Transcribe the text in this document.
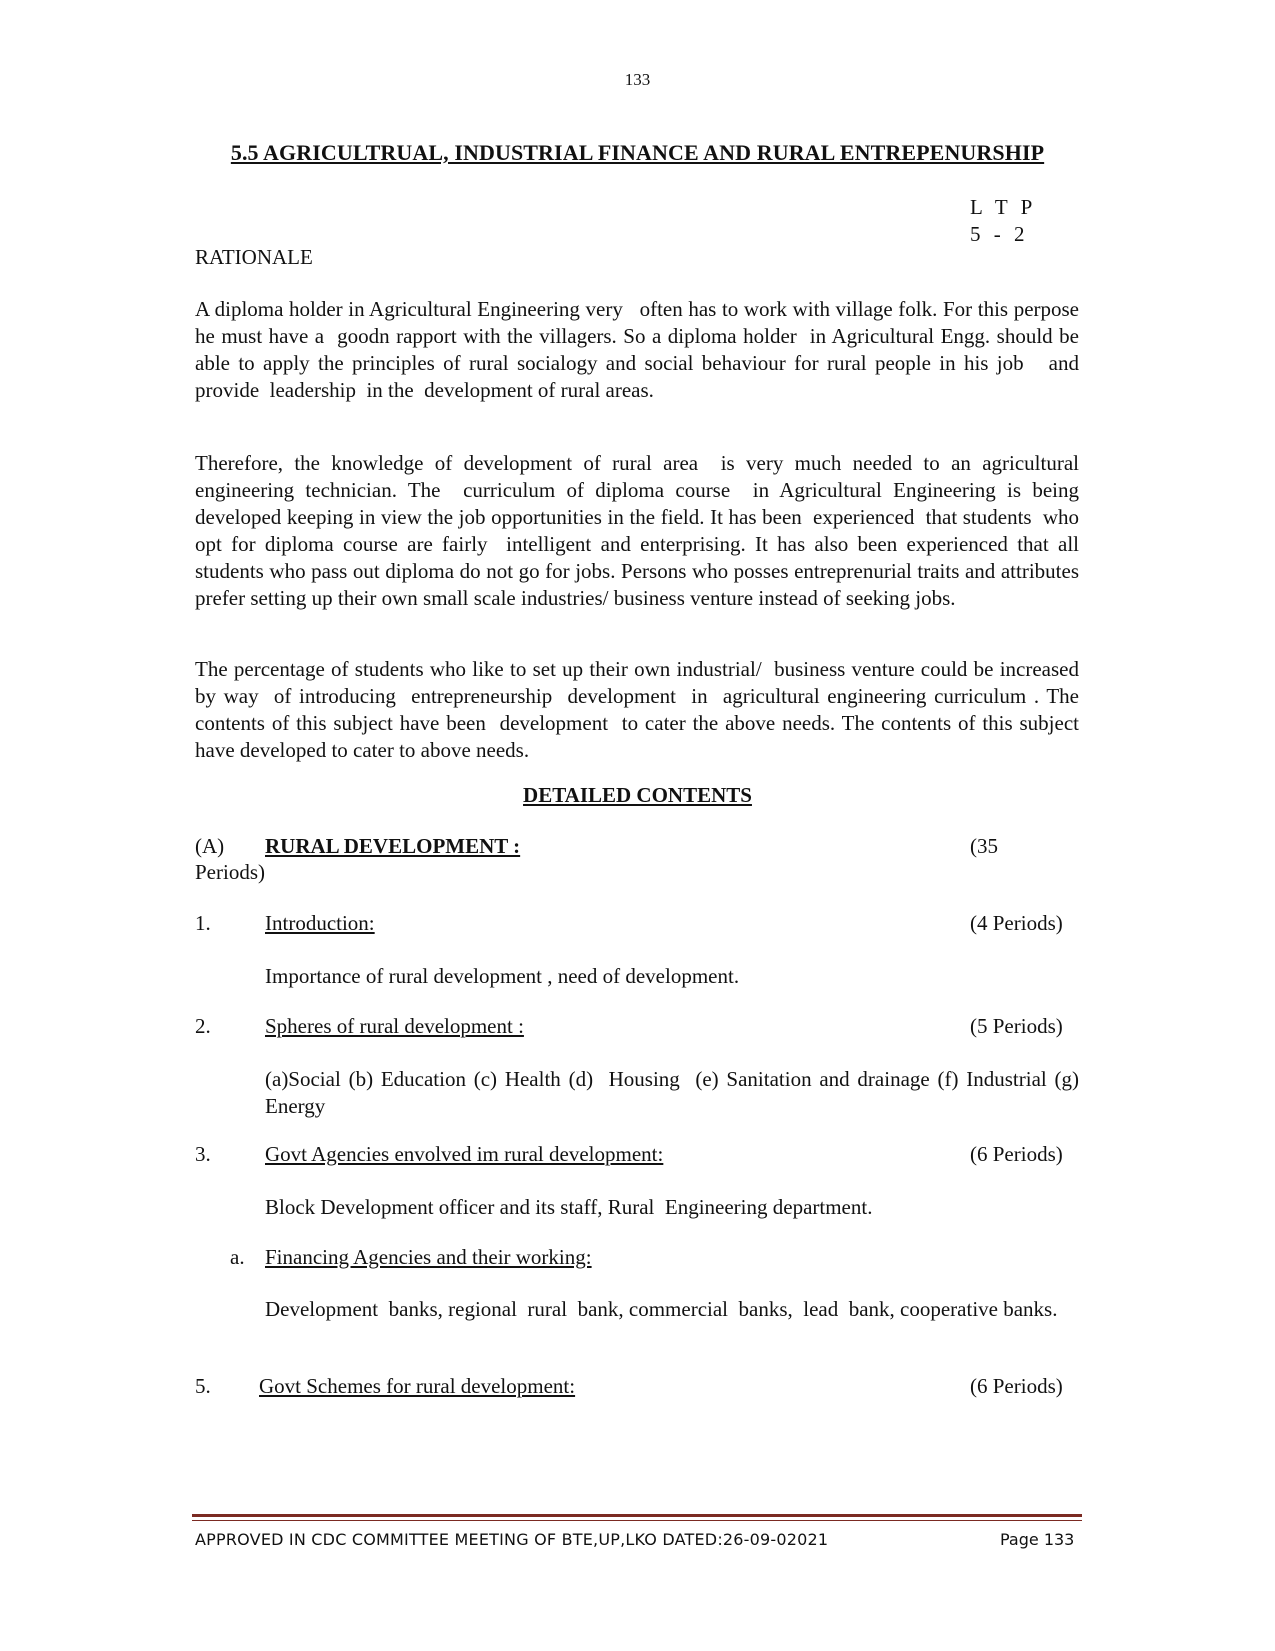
133
5.5 AGRICULTRUAL, INDUSTRIAL FINANCE AND RURAL ENTREPENURSHIP
L T P
5 - 2
RATIONALE
A diploma holder in Agricultural Engineering very   often has to work with village folk. For this perpose he must have a  goodn rapport with the villagers. So a diploma holder  in Agricultural Engg. should be able to apply the principles of rural socialogy and social behaviour for rural people in his job   and  provide  leadership  in the  development of rural areas.
Therefore, the knowledge of development of rural area  is very much needed to an agricultural engineering technician. The  curriculum of diploma course  in Agricultural Engineering is being developed keeping in view the job opportunities in the field. It has been  experienced  that students  who opt for diploma course are fairly  intelligent and enterprising. It has also been experienced that all students who pass out diploma do not go for jobs. Persons who posses entreprenurial traits and attributes prefer setting up their own small scale industries/ business venture instead of seeking jobs.
The percentage of students who like to set up their own industrial/  business venture could be increased by way  of introducing  entrepreneurship  development  in  agricultural engineering curriculum . The  contents of this subject have been  development  to cater the above needs. The contents of this subject have developed to cater to above needs.
DETAILED CONTENTS
(A) RURAL DEVELOPMENT :	(35
Periods)
1.	Introduction:	(4 Periods)
Importance of rural development , need of development.
2.	Spheres of rural development :	(5 Periods)
(a)Social (b) Education (c) Health (d)  Housing  (e) Sanitation and drainage (f) Industrial (g) Energy
3.	Govt Agencies envolved im rural development:	(6 Periods)
Block Development officer and its staff, Rural  Engineering department.
a. Financing Agencies and their working:
Development  banks, regional  rural  bank, commercial  banks,  lead  bank, cooperative banks.
5. Govt Schemes for rural development:	(6 Periods)
APPROVED IN CDC COMMITTEE MEETING OF BTE,UP,LKO DATED:26-09-02021	Page 133
